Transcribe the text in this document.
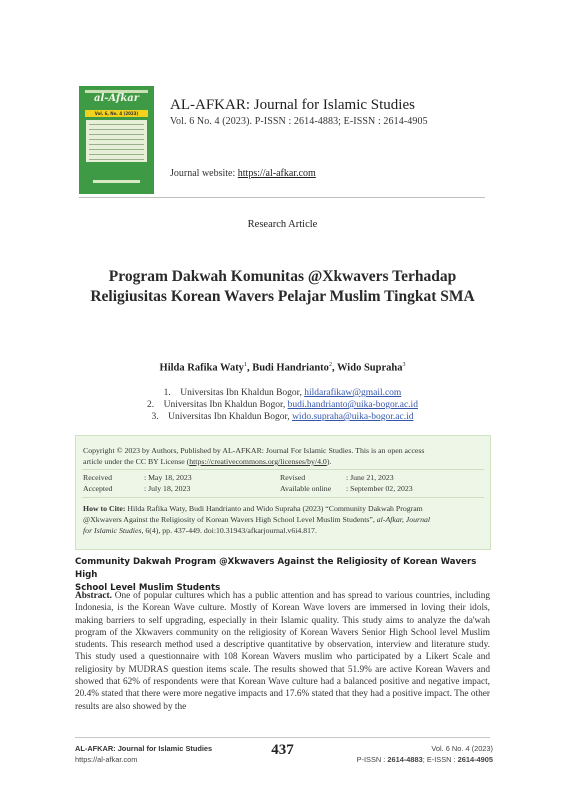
al-Afkar
Vol. 6, No. 4 (2023)
AL-AFKAR: Journal for Islamic Studies
Vol. 6 No. 4 (2023). P-ISSN : 2614-4883; E-ISSN : 2614-4905
Journal website: https://al-afkar.com
Research Article
Program Dakwah Komunitas @Xkwavers Terhadap
Religiusitas Korean Wavers Pelajar Muslim Tingkat SMA
Hilda Rafika Waty$^1$, Budi Handrianto$^2$, Wido Supraha$^3$
1. Universitas Ibn Khaldun Bogor, hildarafikaw@gmail.com
2. Universitas Ibn Khaldun Bogor, budi.handrianto@uika-bogor.ac.id
3. Universitas Ibn Khaldun Bogor, wido.supraha@uika-bogor.ac.id
Copyright © 2023 by Authors, Published by AL-AFKAR: Journal For Islamic Studies. This is an open access
article under the CC BY License (https://creativecommons.org/licenses/by/4.0).
Received	: May 18, 2023	Revised	: June 21, 2023
Accepted	: July 18, 2023	Available online : September 02, 2023
How to Cite: Hilda Rafika Waty, Budi Handrianto and Wido Supraha (2023) “Community Dakwah Program
@Xkwavers Against the Religiosity of Korean Wavers High School Level Muslim Students”, al-Afkar, Journal
for Islamic Studies, 6(4), pp. 437-449. doi:10.31943/afkarjournal.v6i4.817.
Community Dakwah Program @Xkwavers Against the Religiosity of Korean Wavers High
School Level Muslim Students
Abstract. One of popular cultures which has a public attention and has spread to various countries, including Indonesia, is the Korean Wave culture. Mostly of Korean Wave lovers are immersed in loving their idols, making barriers to self upgrading, especially in their Islamic quality. This study aims to analyze the da'wah program of the Xkwavers community on the religiosity of Korean Wavers Senior High School level Muslim students. This research method used a descriptive quantitative by observation, interview and literature study. This study used a questionnaire with 108 Korean Wavers muslim who participated by a Likert Scale and religiosity by MUDRAS question items scale. The results showed that 51.9% are active Korean Wavers and showed that 62% of respondents were that Korean Wave culture had a balanced positive and negative impact, 20.4% stated that there were more negative impacts and 17.6% stated that they had a positive impact. The other results are also showed by the
AL-AFKAR: Journal for Islamic Studies
https://al-afkar.com
437	Vol. 6 No. 4 (2023)
P-ISSN : 2614-4883; E-ISSN : 2614-4905
